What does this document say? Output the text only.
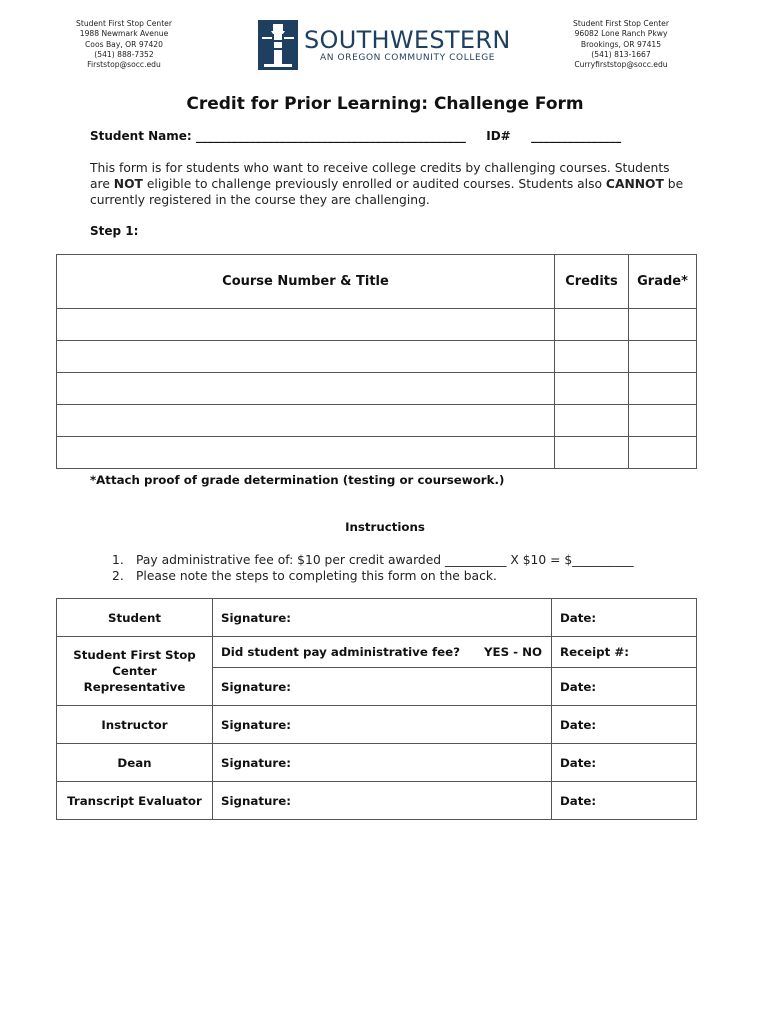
Student First Stop Center
1988 Newmark Avenue
Coos Bay, OR 97420
(541) 888-7352
Firststop@socc.edu
SOUTHWESTERN
AN OREGON COMMUNITY COLLEGE
Student First Stop Center
96082 Lone Ranch Pkwy
Brookings, OR 97415
(541) 813-1667
Curryfirststop@socc.edu
Credit for Prior Learning: Challenge Form
Student Name: _____________________________________________ ID# _______________
This form is for students who want to receive college credits by challenging courses. Students are NOT eligible to challenge previously enrolled or audited courses. Students also CANNOT be currently registered in the course they are challenging.
Step 1:
Course Number & Title	Credits	Grade*

*Attach proof of grade determination (testing or coursework.)
Instructions
1. Pay administrative fee of: $10 per credit awarded __________ X $10 = $__________
2. Please note the steps to completing this form on the back.
Student	Signature:	Date:
Student First Stop Center Representative	Did student pay administrative fee? YES - NO	Receipt #:
	Signature:	Date:
Instructor	Signature:	Date:
Dean	Signature:	Date:
Transcript Evaluator	Signature:	Date:
